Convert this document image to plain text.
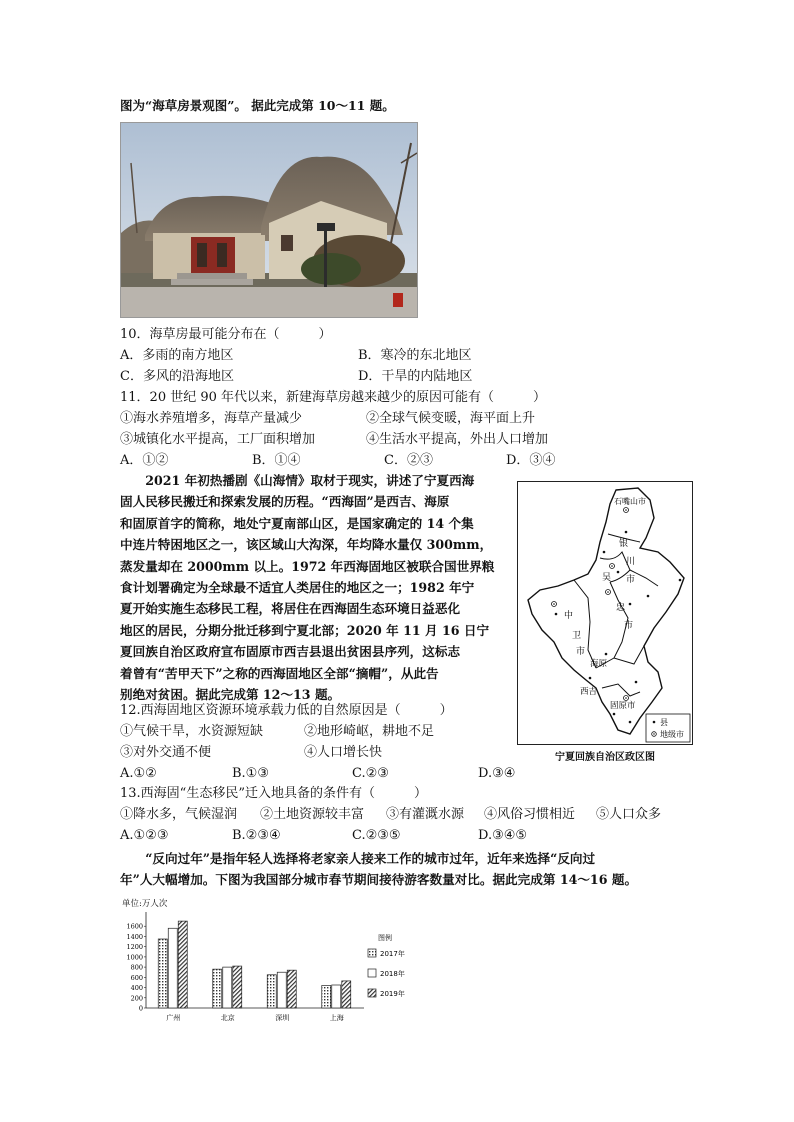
图为“海草房景观图”。 据此完成第 10～11 题。
10．海草房最可能分布在（　　　）
A．多雨的南方地区	B．寒冷的东北地区
C．多风的沿海地区	D．干旱的内陆地区
11．20 世纪 90 年代以来，新建海草房越来越少的原因可能有（　　　）
①海水养殖增多，海草产量减少	②全球气候变暖，海平面上升
③城镇化水平提高，工厂面积增加	④生活水平提高，外出人口增加
A．①②	B．①④	C．②③	D．③④
　　2021 年初热播剧《山海情》取材于现实，讲述了宁夏西海
固人民移民搬迁和探索发展的历程。“西海固”是西吉、海原
和固原首字的简称，地处宁夏南部山区，是国家确定的 14 个集
中连片特困地区之一，该区域山大沟深，年均降水量仅 300mm，
蒸发量却在 2000mm 以上。1972 年西海固地区被联合国世界粮
食计划署确定为全球最不适宜人类居住的地区之一；1982 年宁
夏开始实施生态移民工程，将居住在西海固生态环境日益恶化
地区的居民，分期分批迁移到宁夏北部；2020 年 11 月 16 日宁
夏回族自治区政府宣布固原市西吉县退出贫困县序列，这标志
着曾有“苦甲天下”之称的西海固地区全部“摘帽”，从此告
别绝对贫困。据此完成第 12～13 题。
石嘴山市
银
川
市
吴
忠
市
中
卫
市
海原
西吉
固原市
县
地级市
宁夏回族自治区政区图
12.西海固地区资源环境承载力低的自然原因是（　　　）
①气候干旱，水资源短缺	②地形崎岖，耕地不足
③对外交通不便	④人口增长快
A.①②	B.①③	C.②③	D.③④
13.西海固“生态移民”迁入地具备的条件有（　　　）
①降水多，气候湿润 ②土地资源较丰富 ③有灌溉水源 ④风俗习惯相近 ⑤人口众多
A.①②③	B.②③④	C.②③⑤	D.③④⑤
　　“反向过年”是指年轻人选择将老家亲人接来工作的城市过年，近年来选择“反向过
年”人大幅增加。下图为我国部分城市春节期间接待游客数量对比。据此完成第 14～16 题。
单位:万人次
0
200
400
600
800
1000
1200
1400
1600
广州	北京	深圳	上海
图例
2017年
2018年
2019年
